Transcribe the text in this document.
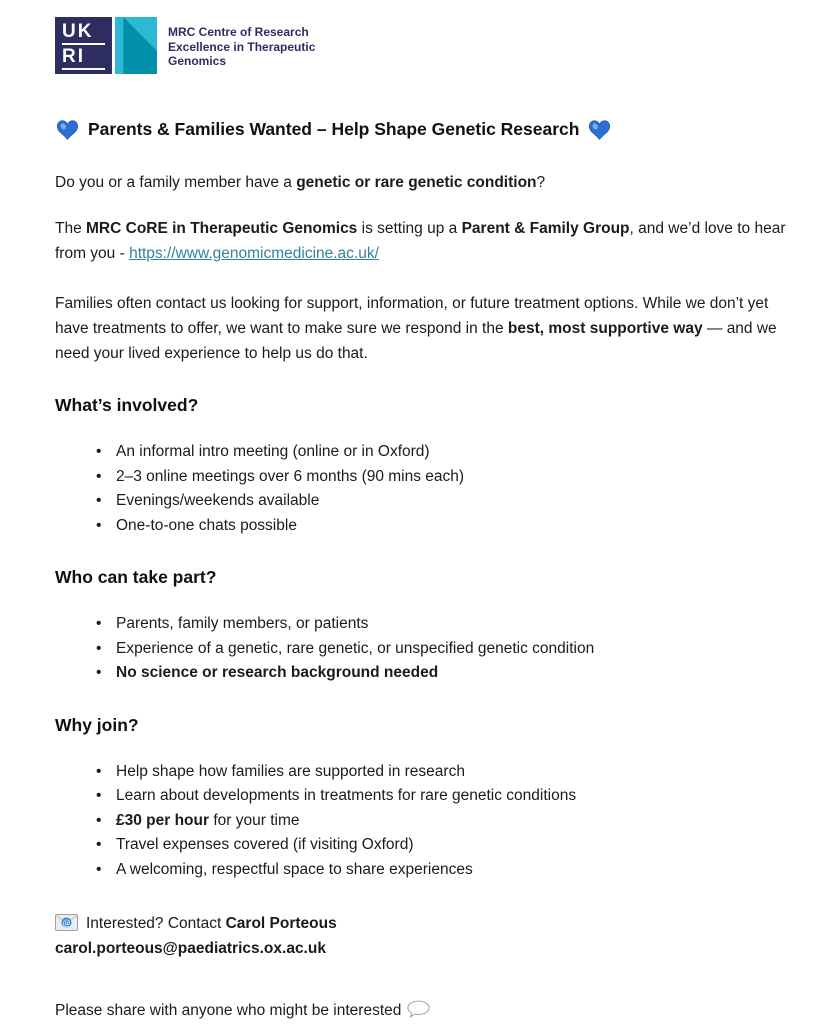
UK
RI
MRC Centre of Research
Excellence in Therapeutic
Genomics
Parents & Families Wanted – Help Shape Genetic Research

Do you or a family member have a genetic or rare genetic condition?

The MRC CoRE in Therapeutic Genomics is setting up a Parent & Family Group, and we’d love to hear from you - https://www.genomicmedicine.ac.uk/

Families often contact us looking for support, information, or future treatment options. While we don’t yet have treatments to offer, we want to make sure we respond in the best, most supportive way — and we need your lived experience to help us do that.

What’s involved?
• An informal intro meeting (online or in Oxford)
• 2–3 online meetings over 6 months (90 mins each)
• Evenings/weekends available
• One-to-one chats possible
Who can take part?
• Parents, family members, or patients
• Experience of a genetic, rare genetic, or unspecified genetic condition
• No science or research background needed
Why join?
• Help shape how families are supported in research
• Learn about developments in treatments for rare genetic conditions
• £30 per hour for your time
• Travel expenses covered (if visiting Oxford)
• A welcoming, respectful space to share experiences

@ Interested? Contact Carol Porteous

carol.porteous@paediatrics.ox.ac.uk

Please share with anyone who might be interested
